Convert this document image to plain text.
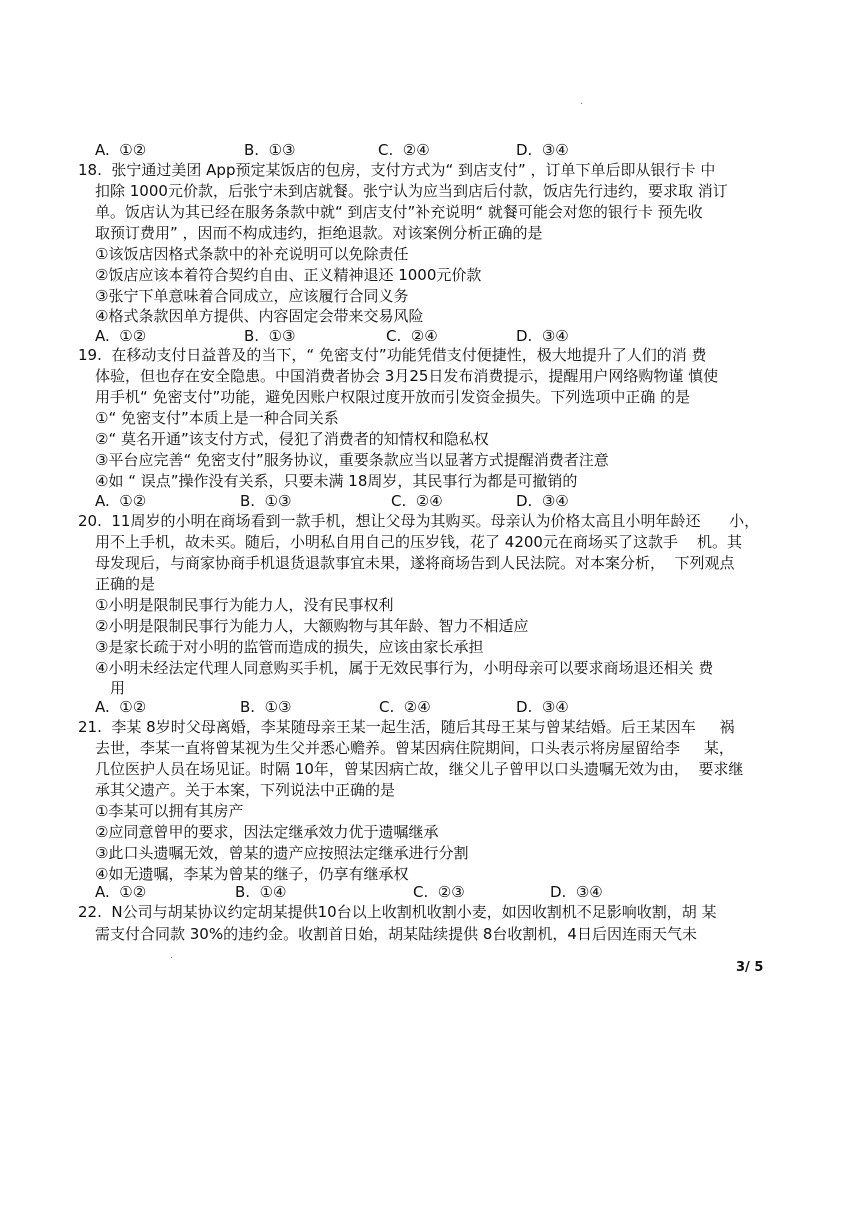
.
A.  ①②	B.  ①③	C.  ②④	D.  ③④
18.  张宁通过美团 App预定某饭店的包房，支付方式为“ 到店支付” ，订单下单后即从银行卡 中
扣除 1000元价款，后张宁未到店就餐。张宁认为应当到店后付款，饭店先行违约，要求取 消订
单。饭店认为其已经在服务条款中就“ 到店支付”补充说明“ 就餐可能会对您的银行卡 预先收
取预订费用” ，因而不构成违约，拒绝退款。对该案例分析正确的是
①该饭店因格式条款中的补充说明可以免除责任
②饭店应该本着符合契约自由、正义精神退还 1000元价款
③张宁下单意味着合同成立，应该履行合同义务
④格式条款因单方提供、内容固定会带来交易风险
A.  ①②	B.  ①③	C.  ②④	D.  ③④
19.  在移动支付日益普及的当下，“ 免密支付”功能凭借支付便捷性，极大地提升了人们的消 费
体验，但也存在安全隐患。中国消费者协会 3月25日发布消费提示，提醒用户网络购物谨 慎使
用手机“ 免密支付”功能，避免因账户权限过度开放而引发资金损失。下列选项中正确 的是
①“ 免密支付”本质上是一种合同关系
②“ 莫名开通”该支付方式，侵犯了消费者的知情权和隐私权
③平台应完善“ 免密支付”服务协议，重要条款应当以显著方式提醒消费者注意
④如 “ 误点”操作没有关系，只要未满 18周岁，其民事行为都是可撤销的
A.  ①②	B.  ①③	C.  ②④	D.  ③④
20.  11周岁的小明在商场看到一款手机，想让父母为其购买。母亲认为价格太高且小明年龄还      小，
用不上手机，故未买。随后，小明私自用自己的压岁钱，花了 4200元在商场买了这款手    机。其
母发现后，与商家协商手机退货退款事宜未果，遂将商场告到人民法院。对本案分析，  下列观点
正确的是
①小明是限制民事行为能力人，没有民事权利
②小明是限制民事行为能力人，大额购物与其年龄、智力不相适应
③是家长疏于对小明的监管而造成的损失，应该由家长承担
④小明未经法定代理人同意购买手机，属于无效民事行为，小明母亲可以要求商场退还相关 费
用
A.  ①②	B.  ①③	C.  ②④	D.  ③④
21.  李某 8岁时父母离婚，李某随母亲王某一起生活，随后其母王某与曾某结婚。后王某因车     祸
去世，李某一直将曾某视为生父并悉心赡养。曾某因病住院期间，口头表示将房屋留给李     某，
几位医护人员在场见证。时隔 10年，曾某因病亡故，继父儿子曾甲以口头遗嘱无效为由，  要求继
承其父遗产。关于本案，下列说法中正确的是
①李某可以拥有其房产
②应同意曾甲的要求，因法定继承效力优于遗嘱继承
③此口头遗嘱无效，曾某的遗产应按照法定继承进行分割
④如无遗嘱，李某为曾某的继子，仍享有继承权
A.  ①②	B.  ①④	C.  ②③	D.  ③④
22.  N公司与胡某协议约定胡某提供10台以上收割机收割小麦，如因收割机不足影响收割，胡 某
需支付合同款 30%的违约金。收割首日始，胡某陆续提供 8台收割机，4日后因连雨天气未
.
3/ 5
